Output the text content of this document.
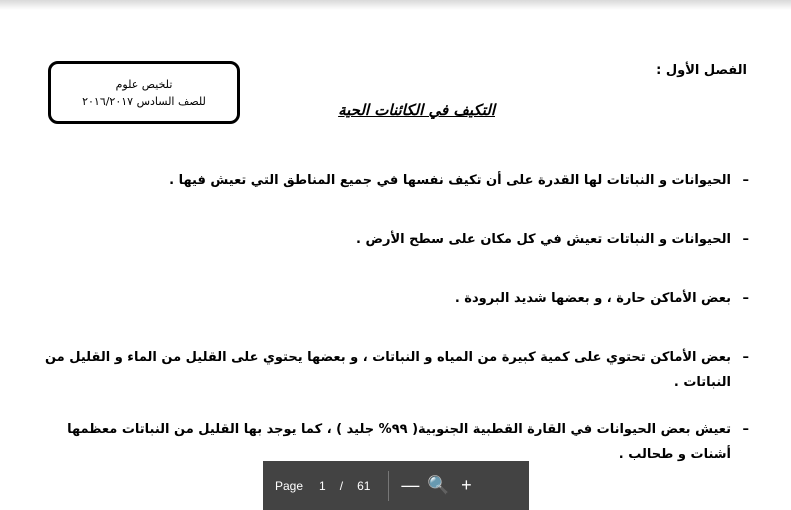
الفصل الأول :
تلخيص علوم
للصف السادس ٢٠١٦/٢٠١٧	التكيف في الكائنات الحية
–
الحيوانات و النباتات لها القدرة على أن تكيف نفسها في جميع المناطق التي تعيش فيها .
–
الحيوانات و النباتات تعيش في كل مكان على سطح الأرض .
–
بعض الأماكن حارة ، و بعضها شديد البرودة .
–
بعض الأماكن تحتوي على كمية كبيرة من المياه و النباتات ، و بعضها يحتوي على القليل من الماء و القليل من النباتات .
–
تعيش بعض الحيوانات في القارة القطبية الجنوبية( ٩٩% جليد ) ، كما يوجد بها القليل من النباتات معظمها أشنات و طحالب .
Page 1 / 61 — 🔍 +
